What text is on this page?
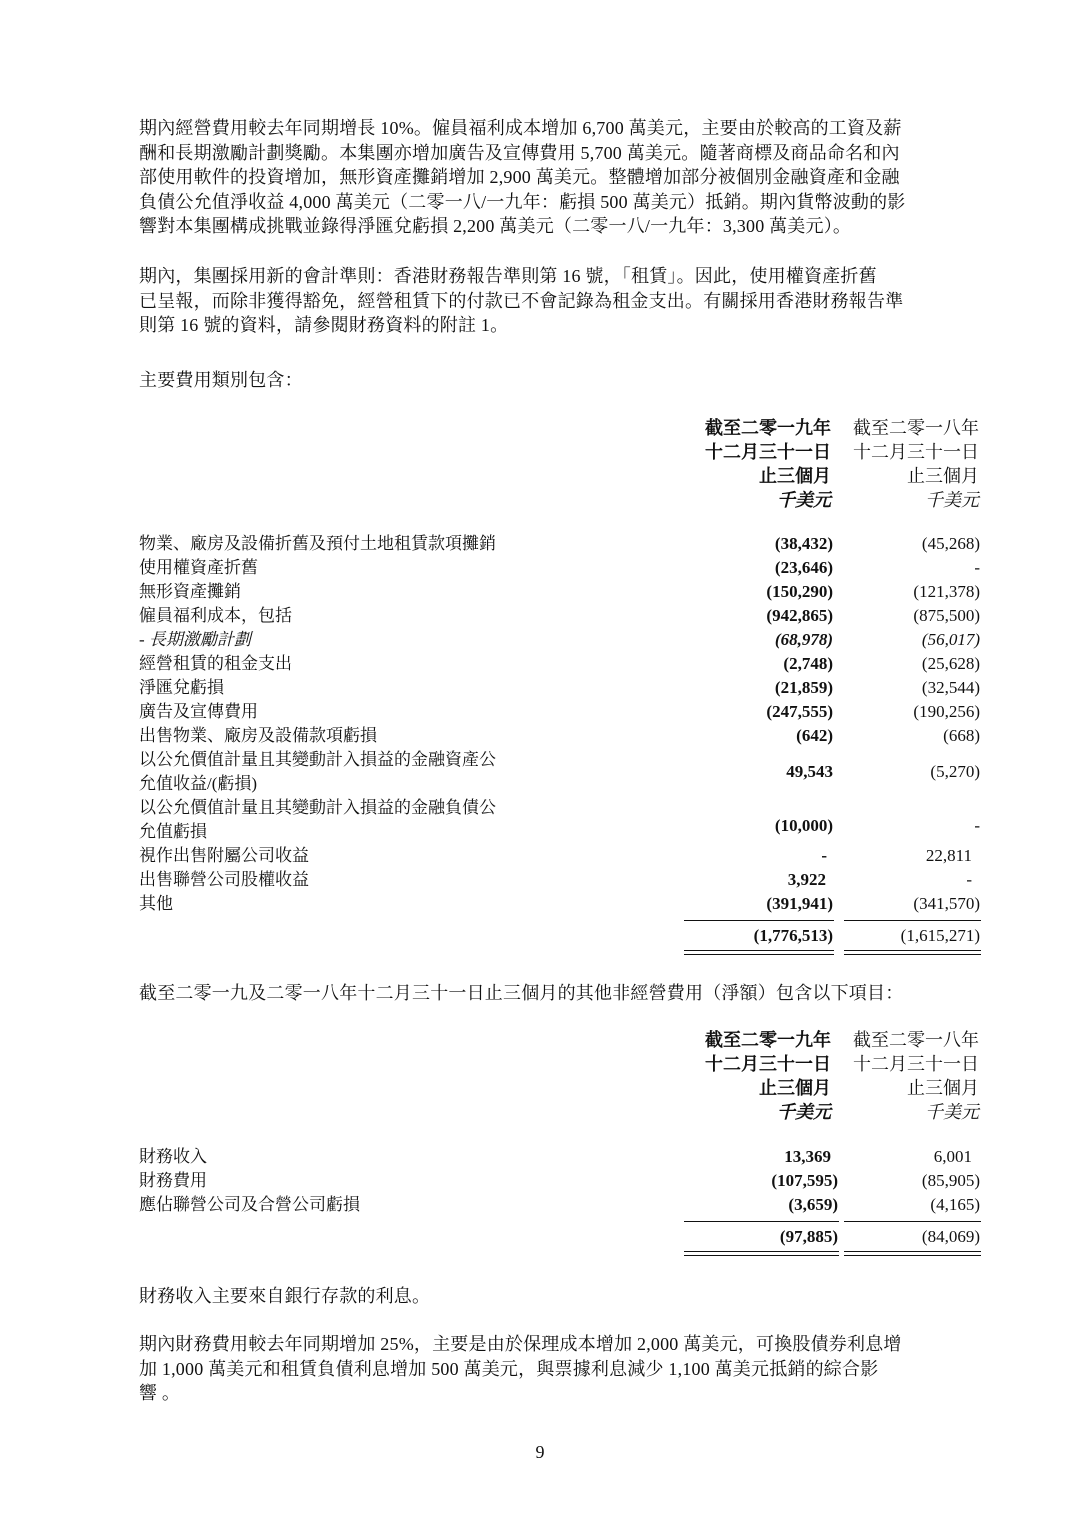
期內經營費用較去年同期增長 10%。僱員福利成本增加 6,700 萬美元，主要由於較高的工資及薪
酬和長期激勵計劃獎勵。本集團亦增加廣告及宣傳費用 5,700 萬美元。隨著商標及商品命名和內
部使用軟件的投資增加，無形資產攤銷增加 2,900 萬美元。整體增加部分被個別金融資產和金融
負債公允值淨收益 4,000 萬美元（二零一八/一九年：虧損 500 萬美元）抵銷。期內貨幣波動的影
響對本集團構成挑戰並錄得淨匯兌虧損 2,200 萬美元（二零一八/一九年：3,300 萬美元）。
期內，集團採用新的會計準則：香港財務報告準則第 16 號，「租賃」。因此，使用權資產折舊
已呈報，而除非獲得豁免，經營租賃下的付款已不會記錄為租金支出。有關採用香港財務報告準
則第 16 號的資料，請參閱財務資料的附註 1。
主要費用類別包含：
截至二零一九年 截至二零一八年
十二月三十一日 十二月三十一日
止三個月	止三個月
千美元	千美元
物業、廠房及設備折舊及預付土地租賃款項攤銷	(38,432)	(45,268)
使用權資產折舊	(23,646)	-
無形資產攤銷	(150,290)	(121,378)
僱員福利成本，包括	(942,865)	(875,500)
- 長期激勵計劃	(68,978)	(56,017)
經營租賃的租金支出	(2,748)	(25,628)
淨匯兌虧損	(21,859)	(32,544)
廣告及宣傳費用	(247,555)	(190,256)
出售物業、廠房及設備款項虧損	(642)	(668)
以公允價值計量且其變動計入損益的金融資產公
允值收益/(虧損)
49,543	(5,270)
以公允價值計量且其變動計入損益的金融負債公
允值虧損	(10,000)	-
視作出售附屬公司收益	-	22,811
出售聯營公司股權收益	3,922	-
其他	(391,941)	(341,570)
(1,776,513)	(1,615,271)
截至二零一九及二零一八年十二月三十一日止三個月的其他非經營費用（淨額）包含以下項目：
截至二零一九年 截至二零一八年
十二月三十一日 十二月三十一日
止三個月	止三個月
千美元	千美元
財務收入	13,369	6,001
財務費用	(107,595)	(85,905)
應佔聯營公司及合營公司虧損	(3,659)	(4,165)
(97,885)	(84,069)
財務收入主要來自銀行存款的利息。
期內財務費用較去年同期增加 25%，主要是由於保理成本增加 2,000 萬美元，可換股債券利息增
加 1,000 萬美元和租賃負債利息增加 500 萬美元，與票據利息減少 1,100 萬美元抵銷的綜合影
響 。
9
